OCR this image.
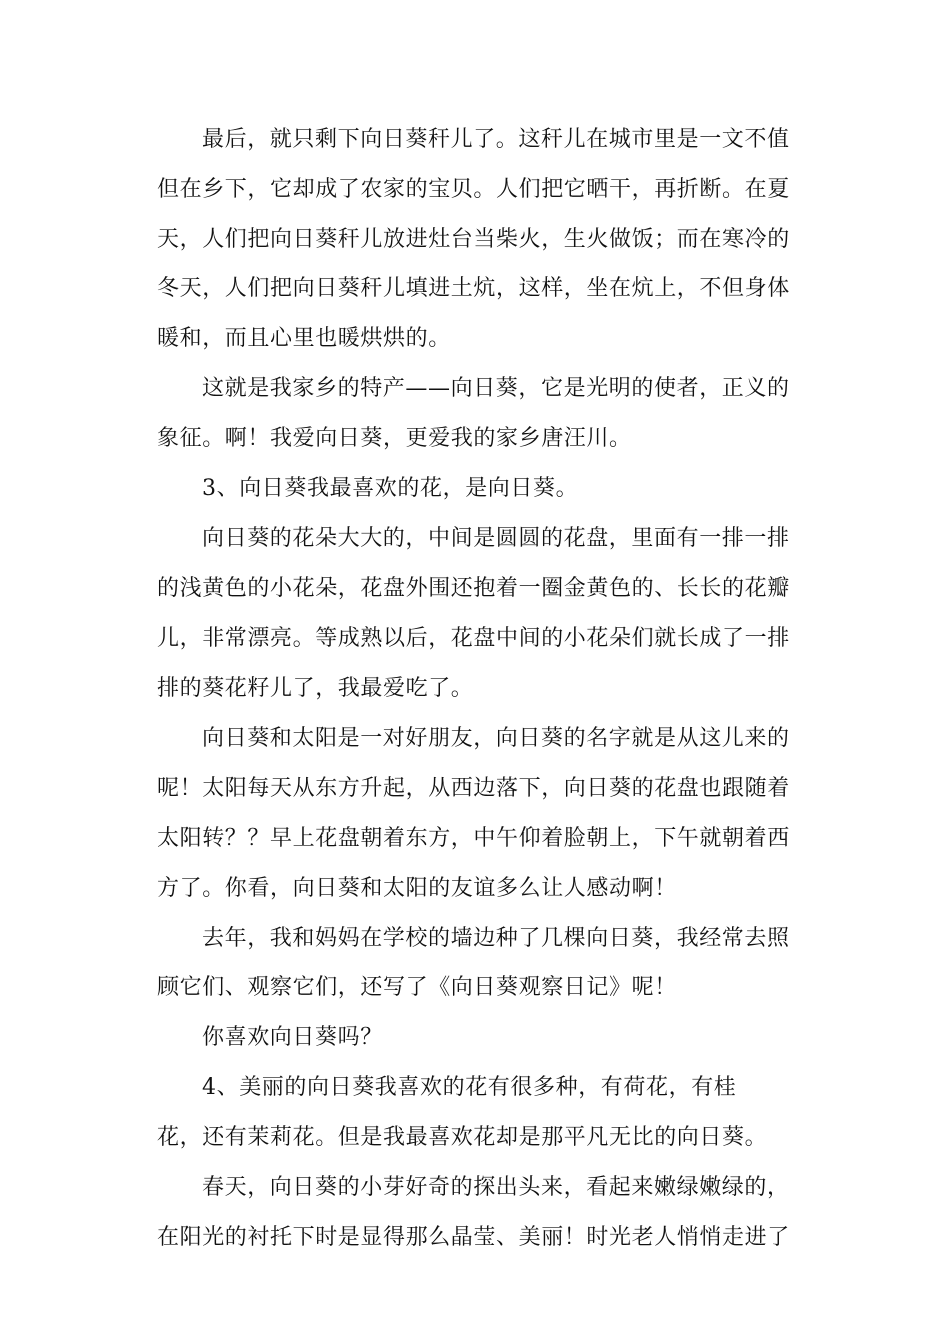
最后，就只剩下向日葵秆儿了。这秆儿在城市里是一文不值
但在乡下，它却成了农家的宝贝。人们把它晒干，再折断。在夏
天，人们把向日葵秆儿放进灶台当柴火，生火做饭；而在寒冷的
冬天，人们把向日葵秆儿填进土炕，这样，坐在炕上，不但身体
暖和，而且心里也暖烘烘的。
这就是我家乡的特产——向日葵，它是光明的使者，正义的
象征。啊！我爱向日葵，更爱我的家乡唐汪川。
3、向日葵我最喜欢的花，是向日葵。
向日葵的花朵大大的，中间是圆圆的花盘，里面有一排一排
的浅黄色的小花朵，花盘外围还抱着一圈金黄色的、长长的花瓣
儿，非常漂亮。等成熟以后，花盘中间的小花朵们就长成了一排
排的葵花籽儿了，我最爱吃了。
向日葵和太阳是一对好朋友，向日葵的名字就是从这儿来的
呢！太阳每天从东方升起，从西边落下，向日葵的花盘也跟随着
太阳转？？早上花盘朝着东方，中午仰着脸朝上，下午就朝着西
方了。你看，向日葵和太阳的友谊多么让人感动啊！
去年，我和妈妈在学校的墙边种了几棵向日葵，我经常去照
顾它们、观察它们，还写了《向日葵观察日记》呢！
你喜欢向日葵吗？
4、美丽的向日葵我喜欢的花有很多种，有荷花，有桂
花，还有茉莉花。但是我最喜欢花却是那平凡无比的向日葵。
春天，向日葵的小芽好奇的探出头来，看起来嫩绿嫩绿的，
在阳光的衬托下时是显得那么晶莹、美丽！时光老人悄悄走进了
